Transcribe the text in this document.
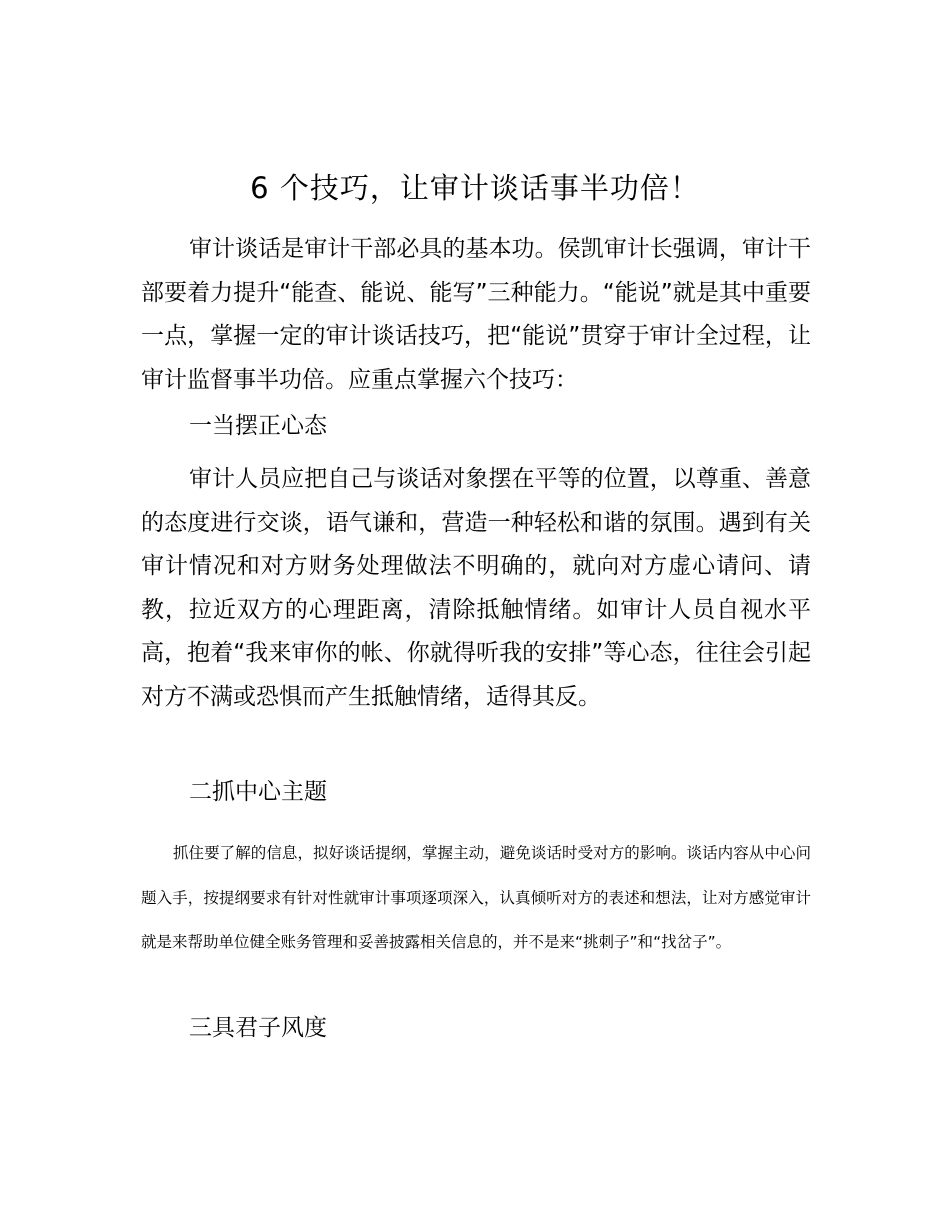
6 个技巧，让审计谈话事半功倍！

审计谈话是审计干部必具的基本功。侯凯审计长强调，审计干部要着力提升“能查、能说、能写”三种能力。“能说”就是其中重要一点，掌握一定的审计谈话技巧，把“能说”贯穿于审计全过程，让审计监督事半功倍。应重点掌握六个技巧：

一当摆正心态

审计人员应把自己与谈话对象摆在平等的位置，以尊重、善意的态度进行交谈，语气谦和，营造一种轻松和谐的氛围。遇到有关审计情况和对方财务处理做法不明确的，就向对方虚心请问、请教，拉近双方的心理距离，清除抵触情绪。如审计人员自视水平高，抱着“我来审你的帐、你就得听我的安排”等心态，往往会引起对方不满或恐惧而产生抵触情绪，适得其反。

二抓中心主题

抓住要了解的信息，拟好谈话提纲，掌握主动，避免谈话时受对方的影响。谈话内容从中心问题入手，按提纲要求有针对性就审计事项逐项深入，认真倾听对方的表述和想法，让对方感觉审计就是来帮助单位健全账务管理和妥善披露相关信息的，并不是来“挑刺子”和“找岔子”。

三具君子风度
